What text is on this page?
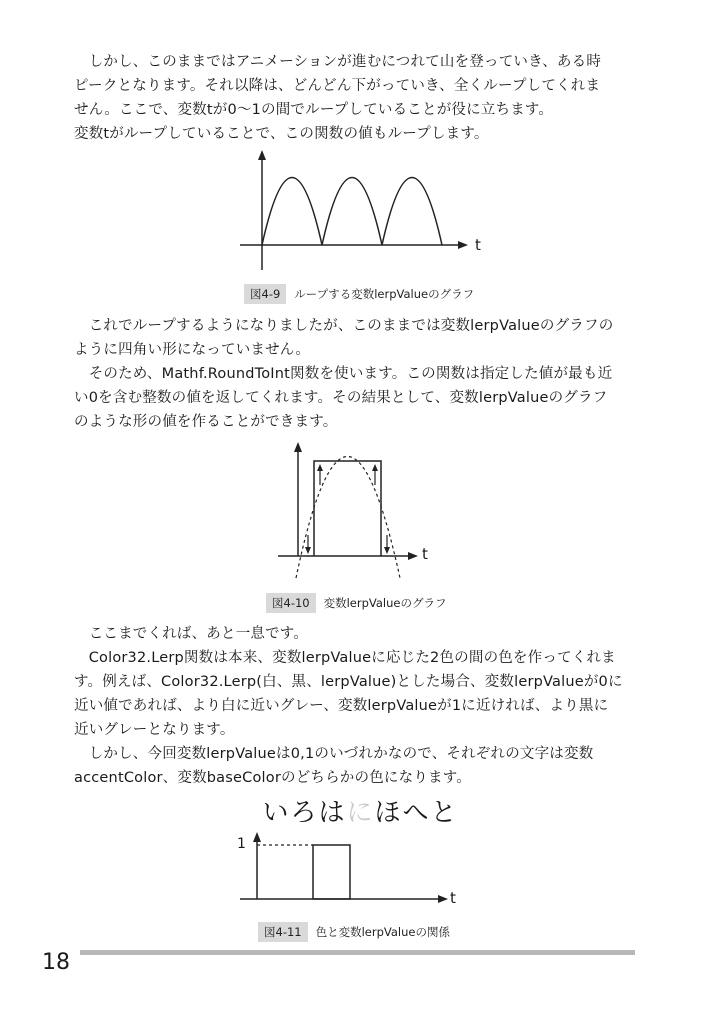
　しかし、このままではアニメーションが進むにつれて山を登っていき、ある時
ピークとなります。それ以降は、どんどん下がっていき、全くループしてくれま
せん。ここで、変数tが0〜1の間でループしていることが役に立ちます。
変数tがループしていることで、この関数の値もループします。
t
図4-9	ループする変数lerpValueのグラフ
　これでループするようになりましたが、このままでは変数lerpValueのグラフの
ように四角い形になっていません。
　そのため、Mathf.RoundToInt関数を使います。この関数は指定した値が最も近
い0を含む整数の値を返してくれます。その結果として、変数lerpValueのグラフ
のような形の値を作ることができます。
t
図4-10	変数lerpValueのグラフ
　ここまでくれば、あと一息です。
　Color32.Lerp関数は本来、変数lerpValueに応じた2色の間の色を作ってくれま
す。例えば、Color32.Lerp(白、黒、lerpValue)とした場合、変数lerpValueが0に
近い値であれば、より白に近いグレー、変数lerpValueが1に近ければ、より黒に
近いグレーとなります。
　しかし、今回変数lerpValueは0,1のいづれかなので、それぞれの文字は変数
accentColor、変数baseColorのどちらかの色になります。
いろはにほへと
1
t
図4-11	色と変数lerpValueの関係
18
